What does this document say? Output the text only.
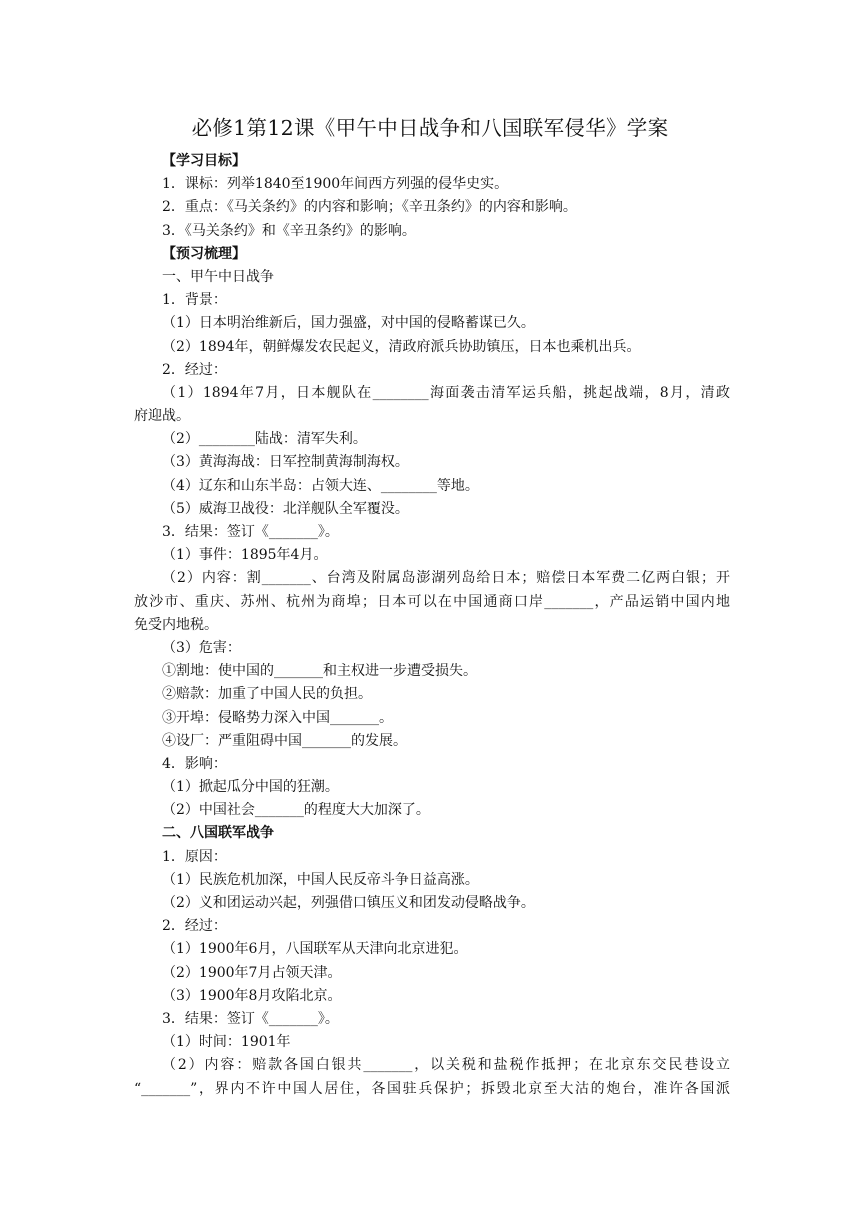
必修1第12课《甲午中日战争和八国联军侵华》学案
【学习目标】
1．课标：列举1840至1900年间西方列强的侵华史实。
2．重点：《马关条约》的内容和影响；《辛丑条约》的内容和影响。
3．《马关条约》和《辛丑条约》的影响。
【预习梳理】
一、甲午中日战争
1．背景：
（1）日本明治维新后，国力强盛，对中国的侵略蓄谋已久。
（2）1894年，朝鲜爆发农民起义，清政府派兵协助镇压，日本也乘机出兵。
2．经过：
（1）1894年7月，日本舰队在________海面袭击清军运兵船，挑起战端，8月，清政
府迎战。
（2）________陆战：清军失利。
（3）黄海海战：日军控制黄海制海权。
（4）辽东和山东半岛：占领大连、________等地。
（5）威海卫战役：北洋舰队全军覆没。
3．结果：签订《_______》。
（1）事件：1895年4月。
（2）内容：割_______、台湾及附属岛澎湖列岛给日本；赔偿日本军费二亿两白银；开
放沙市、重庆、苏州、杭州为商埠；日本可以在中国通商口岸_______，产品运销中国内地
免受内地税。
（3）危害：
①割地：使中国的_______和主权进一步遭受损失。
②赔款：加重了中国人民的负担。
③开埠：侵略势力深入中国_______。
④设厂：严重阻碍中国_______的发展。
4．影响：
（1）掀起瓜分中国的狂潮。
（2）中国社会_______的程度大大加深了。
二、八国联军战争
1．原因：
（1）民族危机加深，中国人民反帝斗争日益高涨。
（2）义和团运动兴起，列强借口镇压义和团发动侵略战争。
2．经过：
（1）1900年6月，八国联军从天津向北京进犯。
（2）1900年7月占领天津。
（3）1900年8月攻陷北京。
3．结果：签订《_______》。
（1）时间：1901年
（2）内容：赔款各国白银共_______，以关税和盐税作抵押；在北京东交民巷设立
“_______”，界内不许中国人居住，各国驻兵保护；拆毁北京至大沽的炮台，准许各国派
